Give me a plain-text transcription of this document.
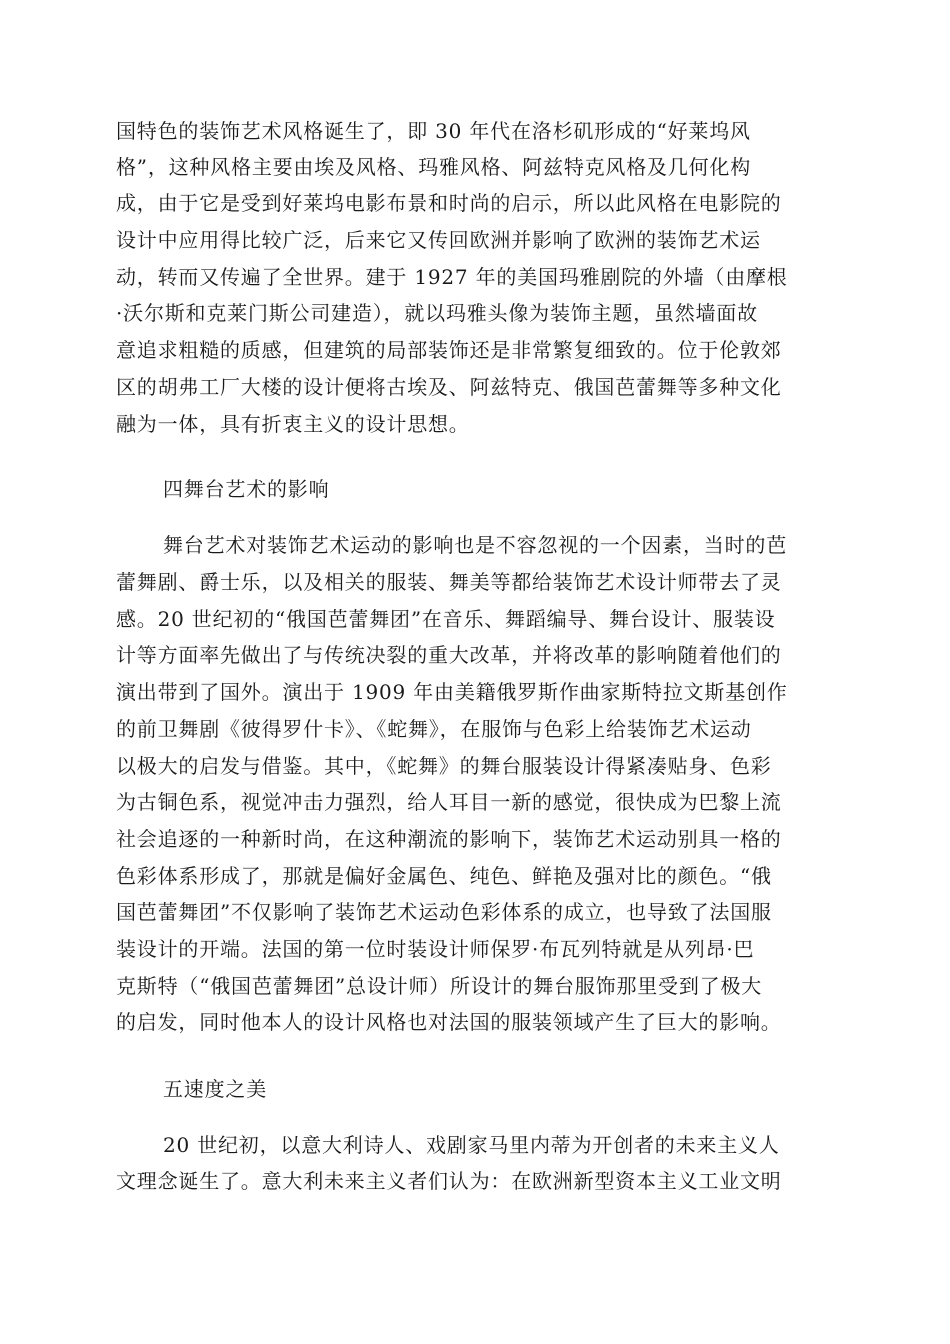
国特色的装饰艺术风格诞生了，即 30 年代在洛杉矶形成的“好莱坞风
格”，这种风格主要由埃及风格、玛雅风格、阿兹特克风格及几何化构
成，由于它是受到好莱坞电影布景和时尚的启示，所以此风格在电影院的
设计中应用得比较广泛，后来它又传回欧洲并影响了欧洲的装饰艺术运
动，转而又传遍了全世界。建于 1927 年的美国玛雅剧院的外墙（由摩根
·沃尔斯和克莱门斯公司建造），就以玛雅头像为装饰主题，虽然墙面故
意追求粗糙的质感，但建筑的局部装饰还是非常繁复细致的。位于伦敦郊
区的胡弗工厂大楼的设计便将古埃及、阿兹特克、俄国芭蕾舞等多种文化
融为一体，具有折衷主义的设计思想。
四舞台艺术的影响
舞台艺术对装饰艺术运动的影响也是不容忽视的一个因素，当时的芭
蕾舞剧、爵士乐，以及相关的服装、舞美等都给装饰艺术设计师带去了灵
感。20 世纪初的“俄国芭蕾舞团”在音乐、舞蹈编导、舞台设计、服装设
计等方面率先做出了与传统决裂的重大改革，并将改革的影响随着他们的
演出带到了国外。演出于 1909 年由美籍俄罗斯作曲家斯特拉文斯基创作
的前卫舞剧《彼得罗什卡》、《蛇舞》，在服饰与色彩上给装饰艺术运动
以极大的启发与借鉴。其中，《蛇舞》的舞台服装设计得紧凑贴身、色彩
为古铜色系，视觉冲击力强烈，给人耳目一新的感觉，很快成为巴黎上流
社会追逐的一种新时尚，在这种潮流的影响下，装饰艺术运动别具一格的
色彩体系形成了，那就是偏好金属色、纯色、鲜艳及强对比的颜色。“俄
国芭蕾舞团”不仅影响了装饰艺术运动色彩体系的成立，也导致了法国服
装设计的开端。法国的第一位时装设计师保罗·布瓦列特就是从列昂·巴
克斯特（“俄国芭蕾舞团”总设计师）所设计的舞台服饰那里受到了极大
的启发，同时他本人的设计风格也对法国的服装领域产生了巨大的影响。
五速度之美
20 世纪初，以意大利诗人、戏剧家马里内蒂为开创者的未来主义人
文理念诞生了。意大利未来主义者们认为：在欧洲新型资本主义工业文明
